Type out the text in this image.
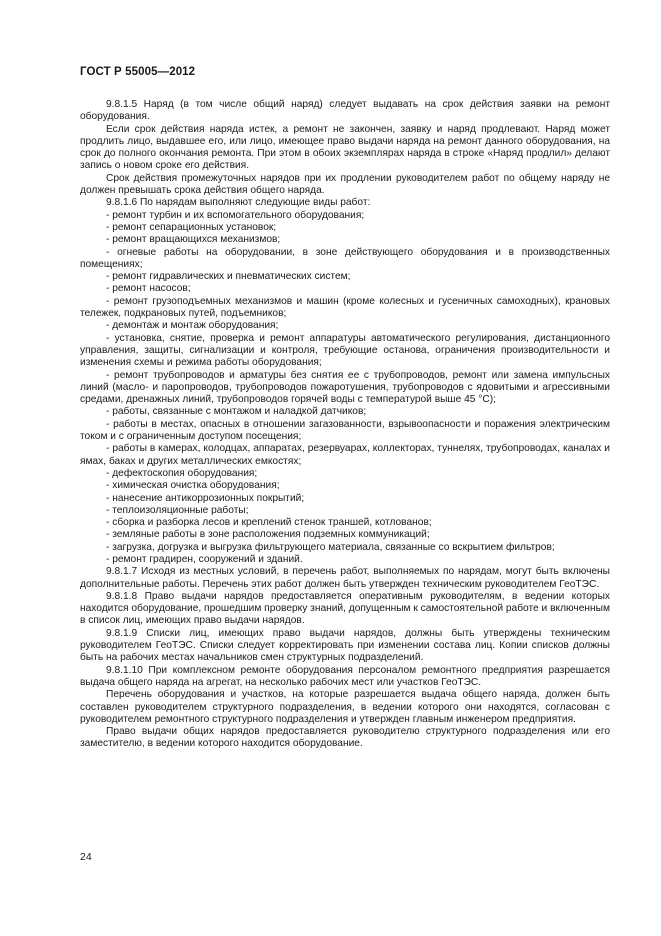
ГОСТ Р 55005—2012

9.8.1.5 Наряд (в том числе общий наряд) следует выдавать на срок действия заявки на ремонт оборудования.

Если срок действия наряда истек, а ремонт не закончен, заявку и наряд продлевают. Наряд может продлить лицо, выдавшее его, или лицо, имеющее право выдачи наряда на ремонт данного оборудования, на срок до полного окончания ремонта. При этом в обоих экземплярах наряда в строке «Наряд продлил» делают запись о новом сроке его действия.

Срок действия промежуточных нарядов при их продлении руководителем работ по общему наряду не должен превышать срока действия общего наряда.

9.8.1.6 По нарядам выполняют следующие виды работ:

- ремонт турбин и их вспомогательного оборудования;

- ремонт сепарационных установок;

- ремонт вращающихся механизмов;

- огневые работы на оборудовании, в зоне действующего оборудования и в производственных помещениях;

- ремонт гидравлических и пневматических систем;

- ремонт насосов;

- ремонт грузоподъемных механизмов и машин (кроме колесных и гусеничных самоходных), крановых тележек, подкрановых путей, подъемников;

- демонтаж и монтаж оборудования;

- установка, снятие, проверка и ремонт аппаратуры автоматического регулирования, дистанционного управления, защиты, сигнализации и контроля, требующие останова, ограничения производительности и изменения схемы и режима работы оборудования;

- ремонт трубопроводов и арматуры без снятия ее с трубопроводов, ремонт или замена импульсных линий (масло- и паропроводов, трубопроводов пожаротушения, трубопроводов с ядовитыми и агрессивными средами, дренажных линий, трубопроводов горячей воды с температурой выше 45 °С);

- работы, связанные с монтажом и наладкой датчиков;

- работы в местах, опасных в отношении загазованности, взрывоопасности и поражения электрическим током и с ограниченным доступом посещения;

- работы в камерах, колодцах, аппаратах, резервуарах, коллекторах, туннелях, трубопроводах, каналах и ямах, баках и других металлических емкостях;

- дефектоскопия оборудования;

- химическая очистка оборудования;

- нанесение антикоррозионных покрытий;

- теплоизоляционные работы;

- сборка и разборка лесов и креплений стенок траншей, котлованов;

- земляные работы в зоне расположения подземных коммуникаций;

- загрузка, догрузка и выгрузка фильтрующего материала, связанные со вскрытием фильтров;

- ремонт градирен, сооружений и зданий.

9.8.1.7 Исходя из местных условий, в перечень работ, выполняемых по нарядам, могут быть включены дополнительные работы. Перечень этих работ должен быть утвержден техническим руководителем ГеоТЭС.

9.8.1.8 Право выдачи нарядов предоставляется оперативным руководителям, в ведении которых находится оборудование, прошедшим проверку знаний, допущенным к самостоятельной работе и включенным в список лиц, имеющих право выдачи нарядов.

9.8.1.9 Списки лиц, имеющих право выдачи нарядов, должны быть утверждены техническим руководителем ГеоТЭС. Списки следует корректировать при изменении состава лиц. Копии списков должны быть на рабочих местах начальников смен структурных подразделений.

9.8.1.10 При комплексном ремонте оборудования персоналом ремонтного предприятия разрешается выдача общего наряда на агрегат, на несколько рабочих мест или участков ГеоТЭС.

Перечень оборудования и участков, на которые разрешается выдача общего наряда, должен быть составлен руководителем структурного подразделения, в ведении которого они находятся, согласован с руководителем ремонтного структурного подразделения и утвержден главным инженером предприятия.

Право выдачи общих нарядов предоставляется руководителю структурного подразделения или его заместителю, в ведении которого находится оборудование.

24
